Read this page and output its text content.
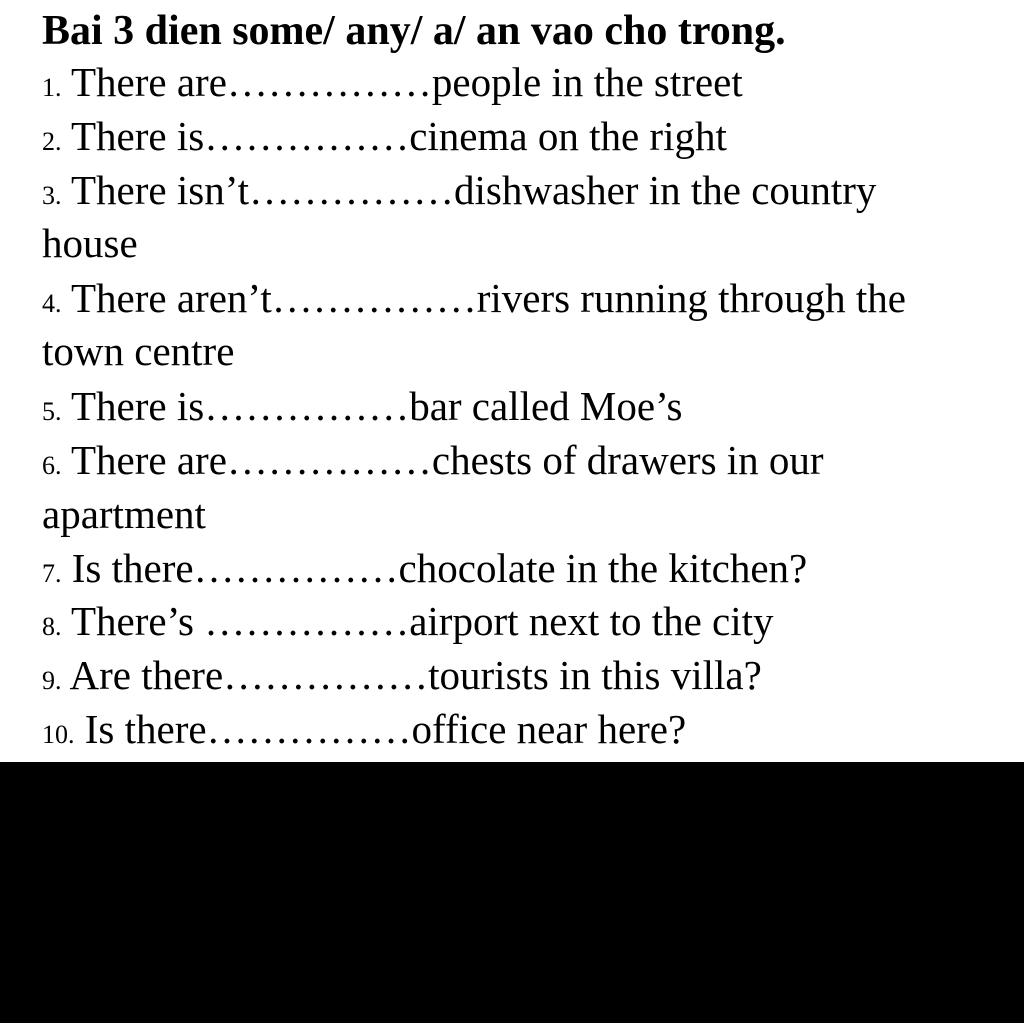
Bai 3 dien some/ any/ a/ an vao cho trong.

1. There are……………people in the street

2. There is……………cinema on the right

3. There isn’t……………dishwasher in the country

house

4. There aren’t……………rivers running through the

town centre

5. There is……………bar called Moe’s

6. There are……………chests of drawers in our

apartment

7. Is there……………chocolate in the kitchen?

8. There’s ……………airport next to the city

9. Are there……………tourists in this villa?

10. Is there……………office near here?
